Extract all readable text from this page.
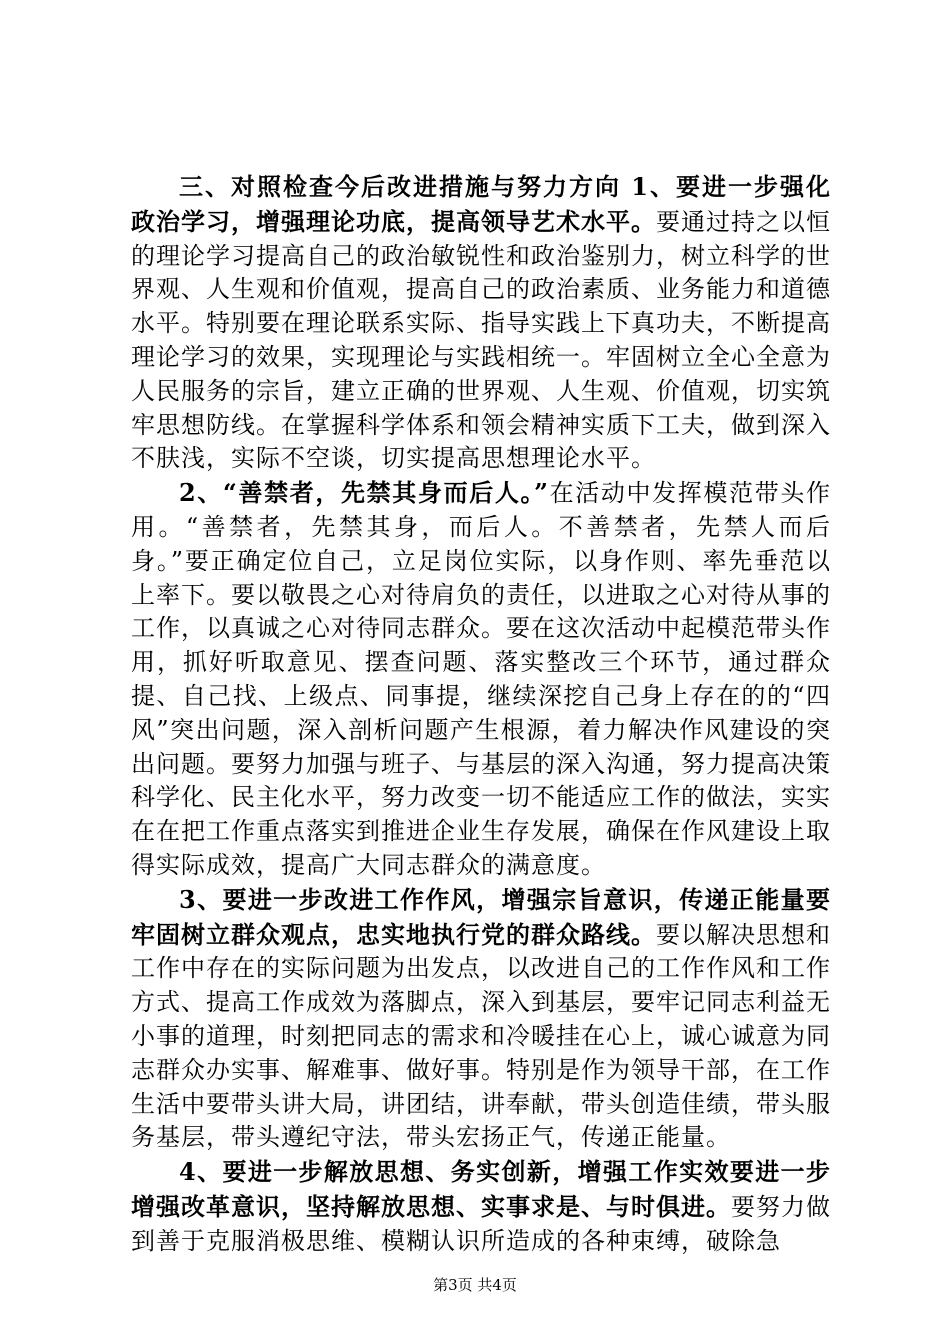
三、对照检查今后改进措施与努力方向 1、要进一步强化政治学习，增强理论功底，提高领导艺术水平。要通过持之以恒的理论学习提高自己的政治敏锐性和政治鉴别力，树立科学的世界观、人生观和价值观，提高自己的政治素质、业务能力和道德水平。特别要在理论联系实际、指导实践上下真功夫，不断提高理论学习的效果，实现理论与实践相统一。牢固树立全心全意为人民服务的宗旨，建立正确的世界观、人生观、价值观，切实筑牢思想防线。在掌握科学体系和领会精神实质下工夫，做到深入不肤浅，实际不空谈，切实提高思想理论水平。

2、“善禁者，先禁其身而后人。”在活动中发挥模范带头作用。“善禁者，先禁其身，而后人。不善禁者，先禁人而后身。”要正确定位自己，立足岗位实际，以身作则、率先垂范以上率下。要以敬畏之心对待肩负的责任，以进取之心对待从事的工作，以真诚之心对待同志群众。要在这次活动中起模范带头作用，抓好听取意见、摆查问题、落实整改三个环节，通过群众提、自己找、上级点、同事提，继续深挖自己身上存在的的“四风”突出问题，深入剖析问题产生根源，着力解决作风建设的突出问题。要努力加强与班子、与基层的深入沟通，努力提高决策科学化、民主化水平，努力改变一切不能适应工作的做法，实实在在把工作重点落实到推进企业生存发展，确保在作风建设上取得实际成效，提高广大同志群众的满意度。

3、要进一步改进工作作风，增强宗旨意识，传递正能量要牢固树立群众观点，忠实地执行党的群众路线。要以解决思想和工作中存在的实际问题为出发点，以改进自己的工作作风和工作方式、提高工作成效为落脚点，深入到基层，要牢记同志利益无小事的道理，时刻把同志的需求和冷暖挂在心上，诚心诚意为同志群众办实事、解难事、做好事。特别是作为领导干部，在工作生活中要带头讲大局，讲团结，讲奉献，带头创造佳绩，带头服务基层，带头遵纪守法，带头宏扬正气，传递正能量。

4、要进一步解放思想、务实创新，增强工作实效要进一步增强改革意识，坚持解放思想、实事求是、与时俱进。要努力做到善于克服消极思维、模糊认识所造成的各种束缚，破除急

第3页 共4页
